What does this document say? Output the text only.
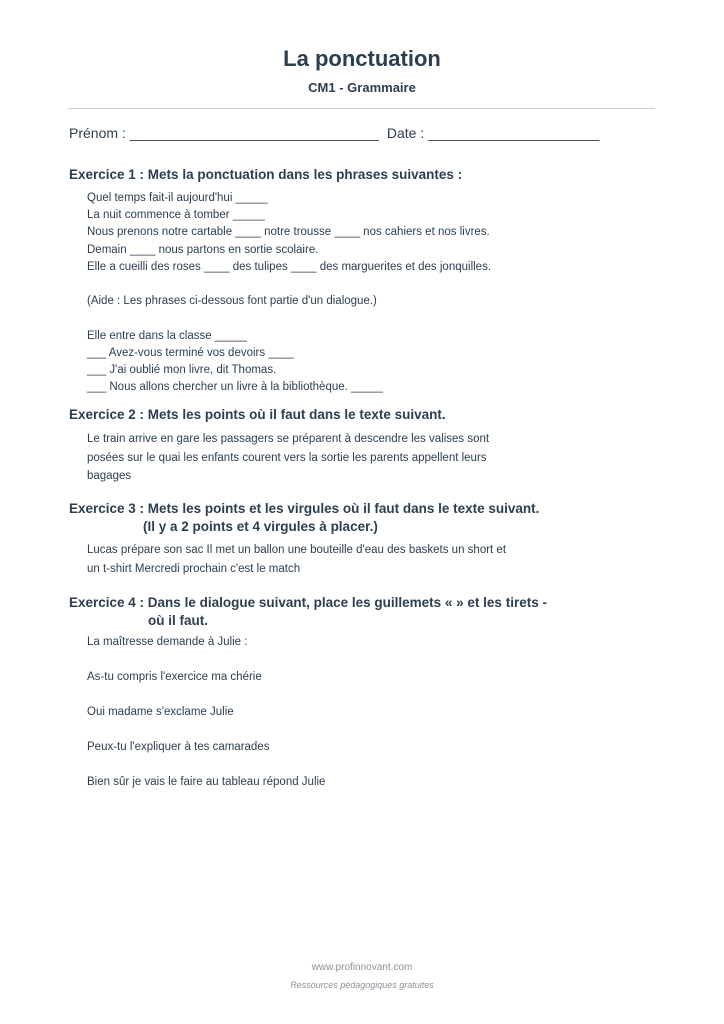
La ponctuation
CM1 - Grammaire
Prénom : ________________________________ Date : ______________________
Exercice 1 : Mets la ponctuation dans les phrases suivantes :
Quel temps fait-il aujourd'hui _____
La nuit commence à tomber _____
Nous prenons notre cartable ____ notre trousse ____ nos cahiers et nos livres.
Demain ____ nous partons en sortie scolaire.
Elle a cueilli des roses ____ des tulipes ____ des marguerites et des jonquilles.
(Aide : Les phrases ci-dessous font partie d'un dialogue.)
Elle entre dans la classe _____
___ Avez-vous terminé vos devoirs ____
___ J'ai oublié mon livre, dit Thomas.
___ Nous allons chercher un livre à la bibliothèque. _____
Exercice 2 : Mets les points où il faut dans le texte suivant.
Le train arrive en gare les passagers se préparent à descendre les valises sont
posées sur le quai les enfants courent vers la sortie les parents appellent leurs
bagages
Exercice 3 : Mets les points et les virgules où il faut dans le texte suivant.
(Il y a 2 points et 4 virgules à placer.)
Lucas prépare son sac Il met un ballon une bouteille d'eau des baskets un short et
un t-shirt Mercredi prochain c'est le match
Exercice 4 : Dans le dialogue suivant, place les guillemets « » et les tirets -
où il faut.
La maîtresse demande à Julie :
As-tu compris l'exercice ma chérie
Oui madame s'exclame Julie
Peux-tu l'expliquer à tes camarades
Bien sûr je vais le faire au tableau répond Julie
www.profinnovant.com
Ressources pédagogiques gratuites
